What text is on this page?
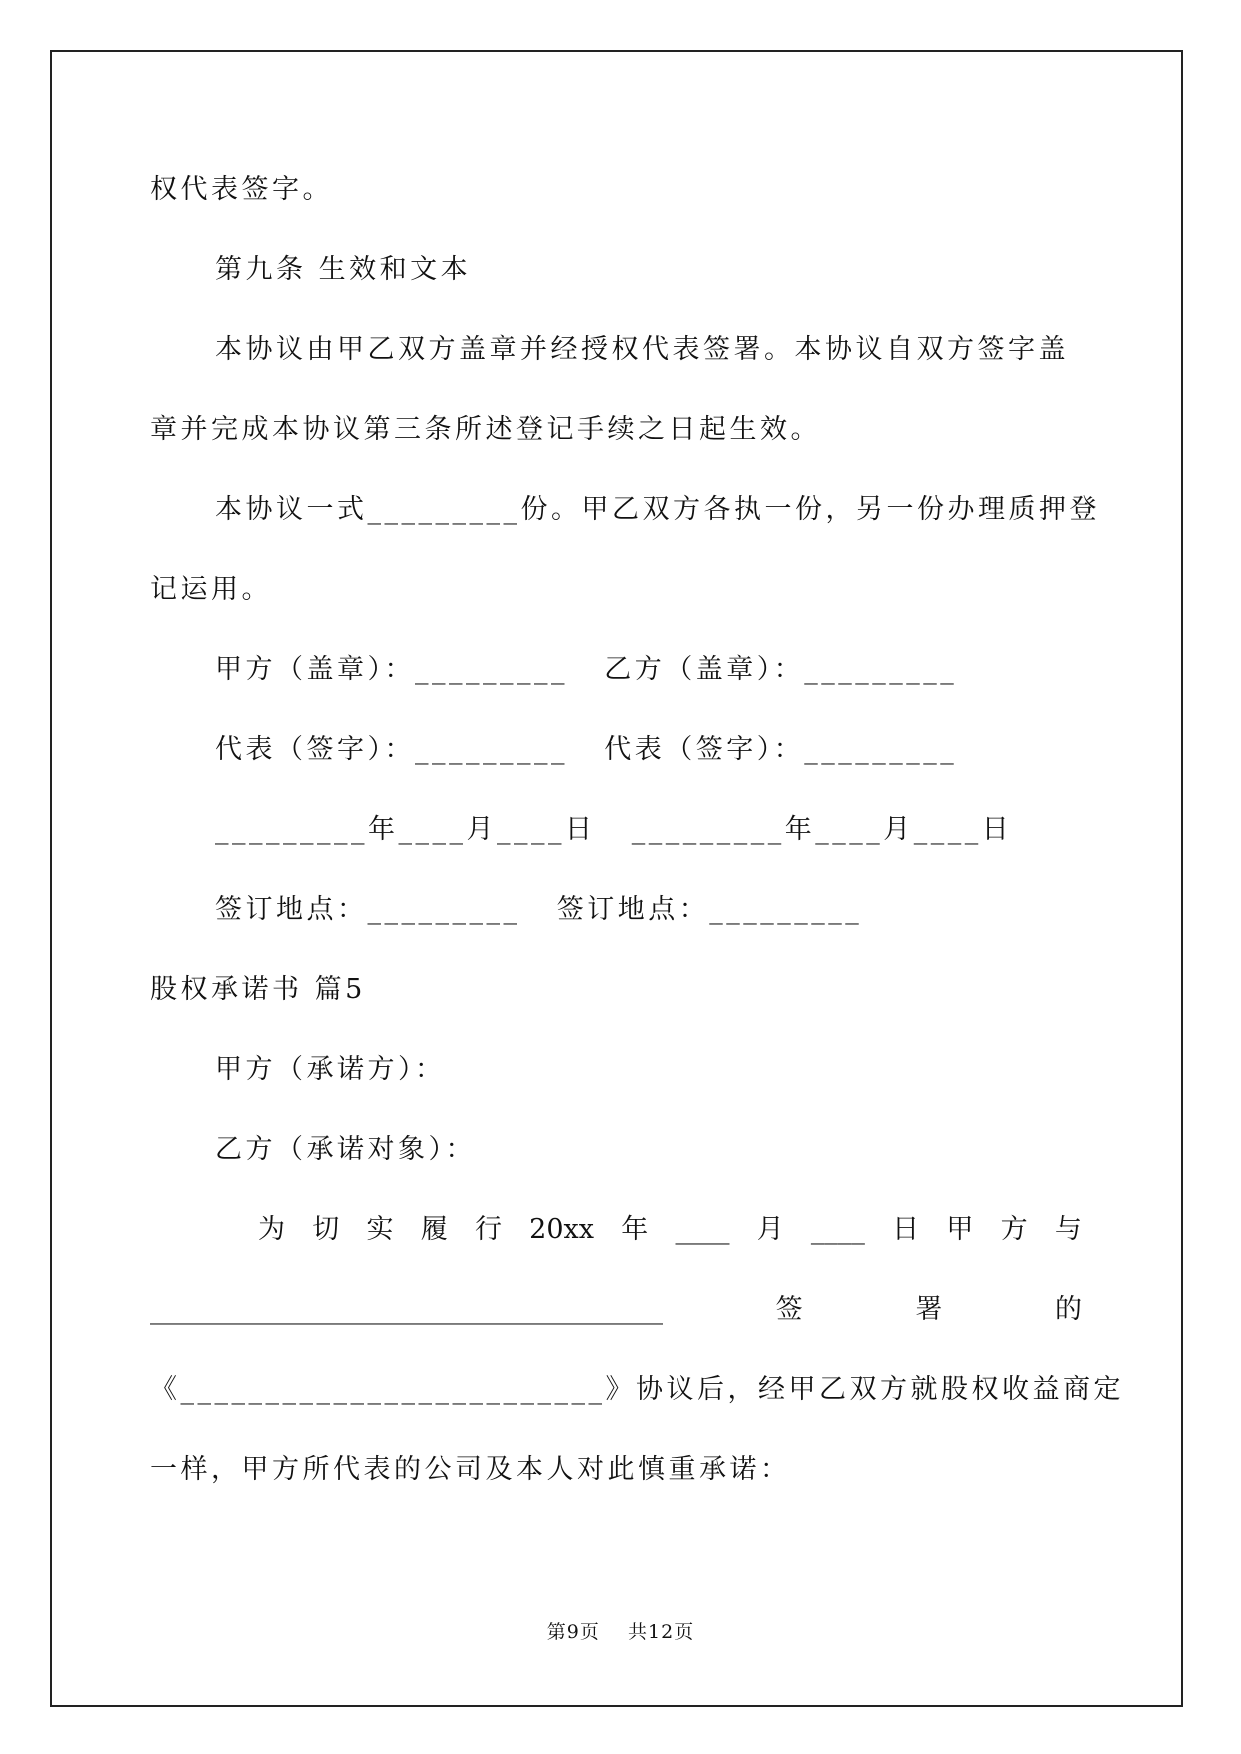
权代表签字。
第九条 生效和文本
本协议由甲乙双方盖章并经授权代表签署。本协议自双方签字盖
章并完成本协议第三条所述登记手续之日起生效。
本协议一式_________份。甲乙双方各执一份，另一份办理质押登
记运用。
甲方（盖章）：_________   乙方（盖章）：_________
代表（签字）：_________   代表（签字）：_________
_________年____月____日   _________年____月____日
签订地点：_________   签订地点：_________
股权承诺书 篇5
甲方（承诺方）：
乙方（承诺对象）：
为 切 实 履 行 20xx 年 ____ 月 ____ 日 甲 方 与
______________________________________	签	署	的
《_________________________》协议后，经甲乙双方就股权收益商定
一样，甲方所代表的公司及本人对此慎重承诺：
第9页    共12页
